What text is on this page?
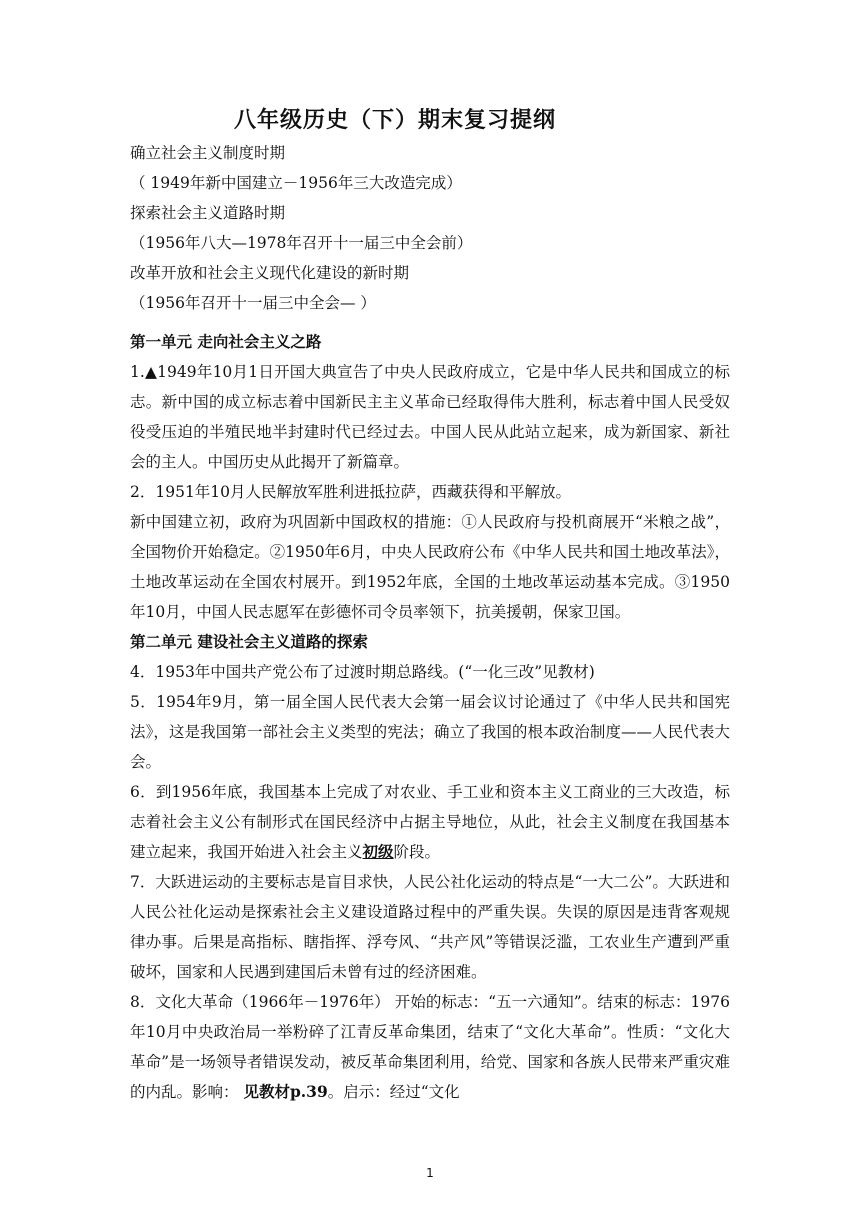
八年级历史（下）期末复习提纲
确立社会主义制度时期
（ 1949年新中国建立－1956年三大改造完成）
探索社会主义道路时期
（1956年八大—1978年召开十一届三中全会前）
改革开放和社会主义现代化建设的新时期
（1956年召开十一届三中全会— ）
第一单元 走向社会主义之路

1.▲1949年10月1日开国大典宣告了中央人民政府成立，它是中华人民共和国成立的标志。新中国的成立标志着中国新民主主义革命已经取得伟大胜利，标志着中国人民受奴役受压迫的半殖民地半封建时代已经过去。中国人民从此站立起来，成为新国家、新社会的主人。中国历史从此揭开了新篇章。

2．1951年10月人民解放军胜利进抵拉萨，西藏获得和平解放。

新中国建立初，政府为巩固新中国政权的措施：①人民政府与投机商展开“米粮之战”，全国物价开始稳定。②1950年6月，中央人民政府公布《中华人民共和国土地改革法》，土地改革运动在全国农村展开。到1952年底，全国的土地改革运动基本完成。③1950年10月，中国人民志愿军在彭德怀司令员率领下，抗美援朝，保家卫国。

第二单元 建设社会主义道路的探索

4．1953年中国共产党公布了过渡时期总路线。(“一化三改”见教材)

5．1954年9月，第一届全国人民代表大会第一届会议讨论通过了《中华人民共和国宪法》，这是我国第一部社会主义类型的宪法；确立了我国的根本政治制度——人民代表大会。

6．到1956年底，我国基本上完成了对农业、手工业和资本主义工商业的三大改造，标志着社会主义公有制形式在国民经济中占据主导地位，从此，社会主义制度在我国基本建立起来，我国开始进入社会主义初级阶段。

7．大跃进运动的主要标志是盲目求快，人民公社化运动的特点是“一大二公”。大跃进和人民公社化运动是探索社会主义建设道路过程中的严重失误。失误的原因是违背客观规律办事。后果是高指标、瞎指挥、浮夸风、“共产风”等错误泛滥，工农业生产遭到严重破坏，国家和人民遇到建国后未曾有过的经济困难。

8．文化大革命（1966年－1976年） 开始的标志：“五一六通知”。结束的标志：1976年10月中央政治局一举粉碎了江青反革命集团，结束了“文化大革命”。性质：“文化大革命”是一场领导者错误发动，被反革命集团利用，给党、国家和各族人民带来严重灾难的内乱。影响： 见教材p.39。启示：经过“文化

1
